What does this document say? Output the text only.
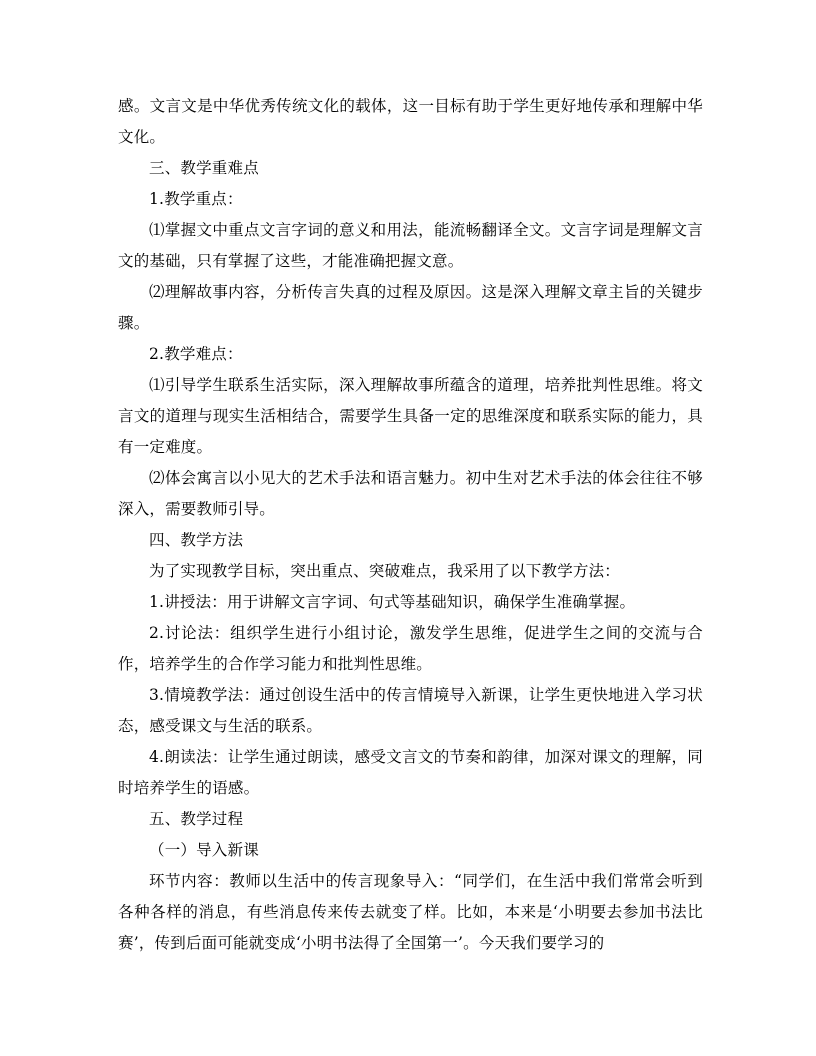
感。文言文是中华优秀传统文化的载体，这一目标有助于学生更好地传承和理解中华文化。

三、教学重难点

1.教学重点：

⑴掌握文中重点文言字词的意义和用法，能流畅翻译全文。文言字词是理解文言文的基础，只有掌握了这些，才能准确把握文意。

⑵理解故事内容，分析传言失真的过程及原因。这是深入理解文章主旨的关键步骤。

2.教学难点：

⑴引导学生联系生活实际，深入理解故事所蕴含的道理，培养批判性思维。将文言文的道理与现实生活相结合，需要学生具备一定的思维深度和联系实际的能力，具有一定难度。

⑵体会寓言以小见大的艺术手法和语言魅力。初中生对艺术手法的体会往往不够深入，需要教师引导。

四、教学方法

为了实现教学目标，突出重点、突破难点，我采用了以下教学方法：

1.讲授法：用于讲解文言字词、句式等基础知识，确保学生准确掌握。

2.讨论法：组织学生进行小组讨论，激发学生思维，促进学生之间的交流与合作，培养学生的合作学习能力和批判性思维。

3.情境教学法：通过创设生活中的传言情境导入新课，让学生更快地进入学习状态，感受课文与生活的联系。

4.朗读法：让学生通过朗读，感受文言文的节奏和韵律，加深对课文的理解，同时培养学生的语感。

五、教学过程

（一）导入新课

环节内容：教师以生活中的传言现象导入：“同学们，在生活中我们常常会听到各种各样的消息，有些消息传来传去就变了样。比如，本来是‘小明要去参加书法比赛’，传到后面可能就变成‘小明书法得了全国第一’。今天我们要学习的
